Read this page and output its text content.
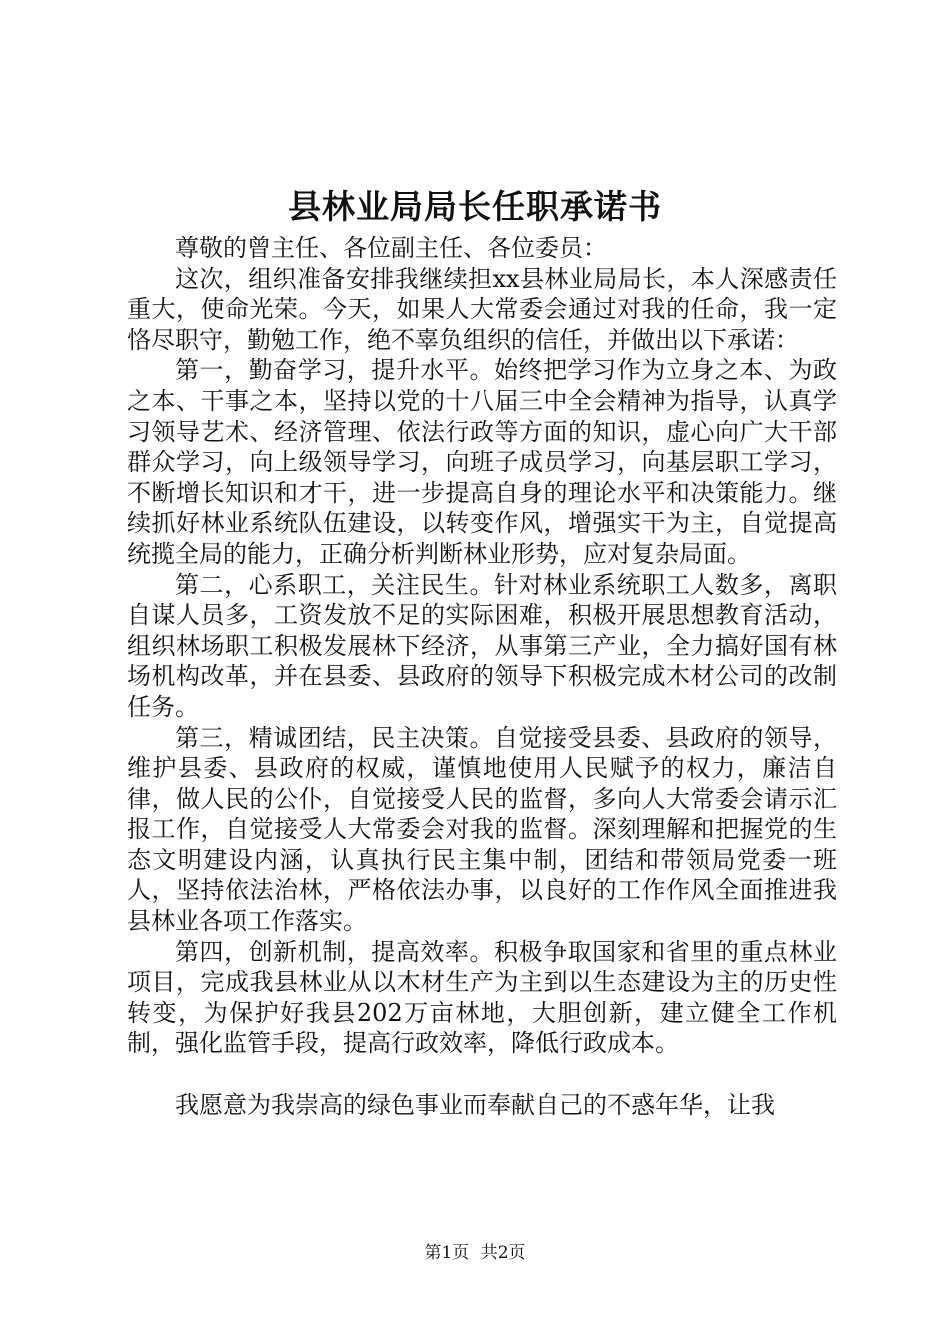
县林业局局长任职承诺书

尊敬的曾主任、各位副主任、各位委员：

这次，组织准备安排我继续担xx县林业局局长，本人深感责任重大，使命光荣。今天，如果人大常委会通过对我的任命，我一定恪尽职守，勤勉工作，绝不辜负组织的信任，并做出以下承诺：

第一，勤奋学习，提升水平。始终把学习作为立身之本、为政之本、干事之本，坚持以党的十八届三中全会精神为指导，认真学习领导艺术、经济管理、依法行政等方面的知识，虚心向广大干部群众学习，向上级领导学习，向班子成员学习，向基层职工学习，不断增长知识和才干，进一步提高自身的理论水平和决策能力。继续抓好林业系统队伍建设，以转变作风，增强实干为主，自觉提高统揽全局的能力，正确分析判断林业形势，应对复杂局面。

第二，心系职工，关注民生。针对林业系统职工人数多，离职自谋人员多，工资发放不足的实际困难，积极开展思想教育活动，组织林场职工积极发展林下经济，从事第三产业，全力搞好国有林场机构改革，并在县委、县政府的领导下积极完成木材公司的改制任务。

第三，精诚团结，民主决策。自觉接受县委、县政府的领导，维护县委、县政府的权威，谨慎地使用人民赋予的权力，廉洁自律，做人民的公仆，自觉接受人民的监督，多向人大常委会请示汇报工作，自觉接受人大常委会对我的监督。深刻理解和把握党的生态文明建设内涵，认真执行民主集中制，团结和带领局党委一班人，坚持依法治林，严格依法办事，以良好的工作作风全面推进我县林业各项工作落实。

第四，创新机制，提高效率。积极争取国家和省里的重点林业项目，完成我县林业从以木材生产为主到以生态建设为主的历史性转变，为保护好我县202万亩林地，大胆创新，建立健全工作机制，强化监管手段，提高行政效率，降低行政成本。

我愿意为我崇高的绿色事业而奉献自己的不惑年华，让我

第1页 共2页
